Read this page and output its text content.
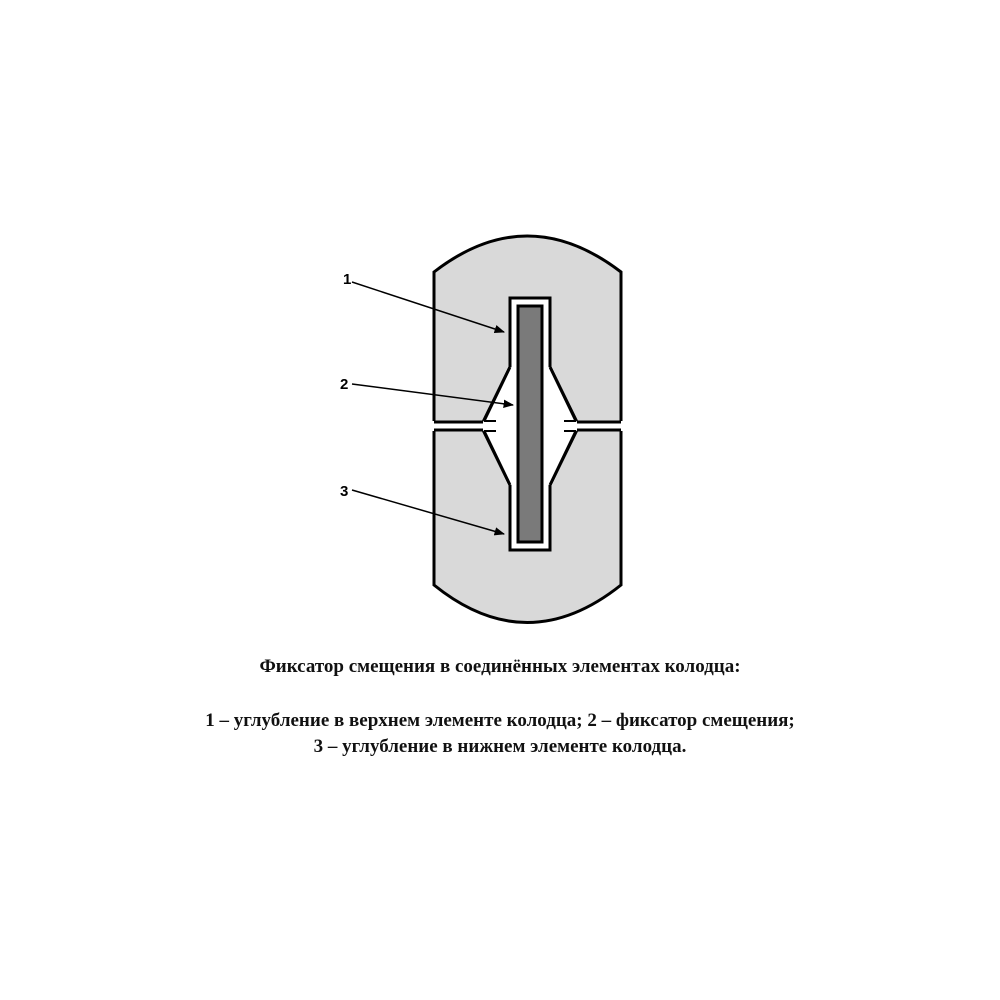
1
2
3

Фиксатор смещения в соединённых элементах колодца:

1 – углубление в верхнем элементе колодца; 2 – фиксатор смещения;

3 – углубление в нижнем элементе колодца.
